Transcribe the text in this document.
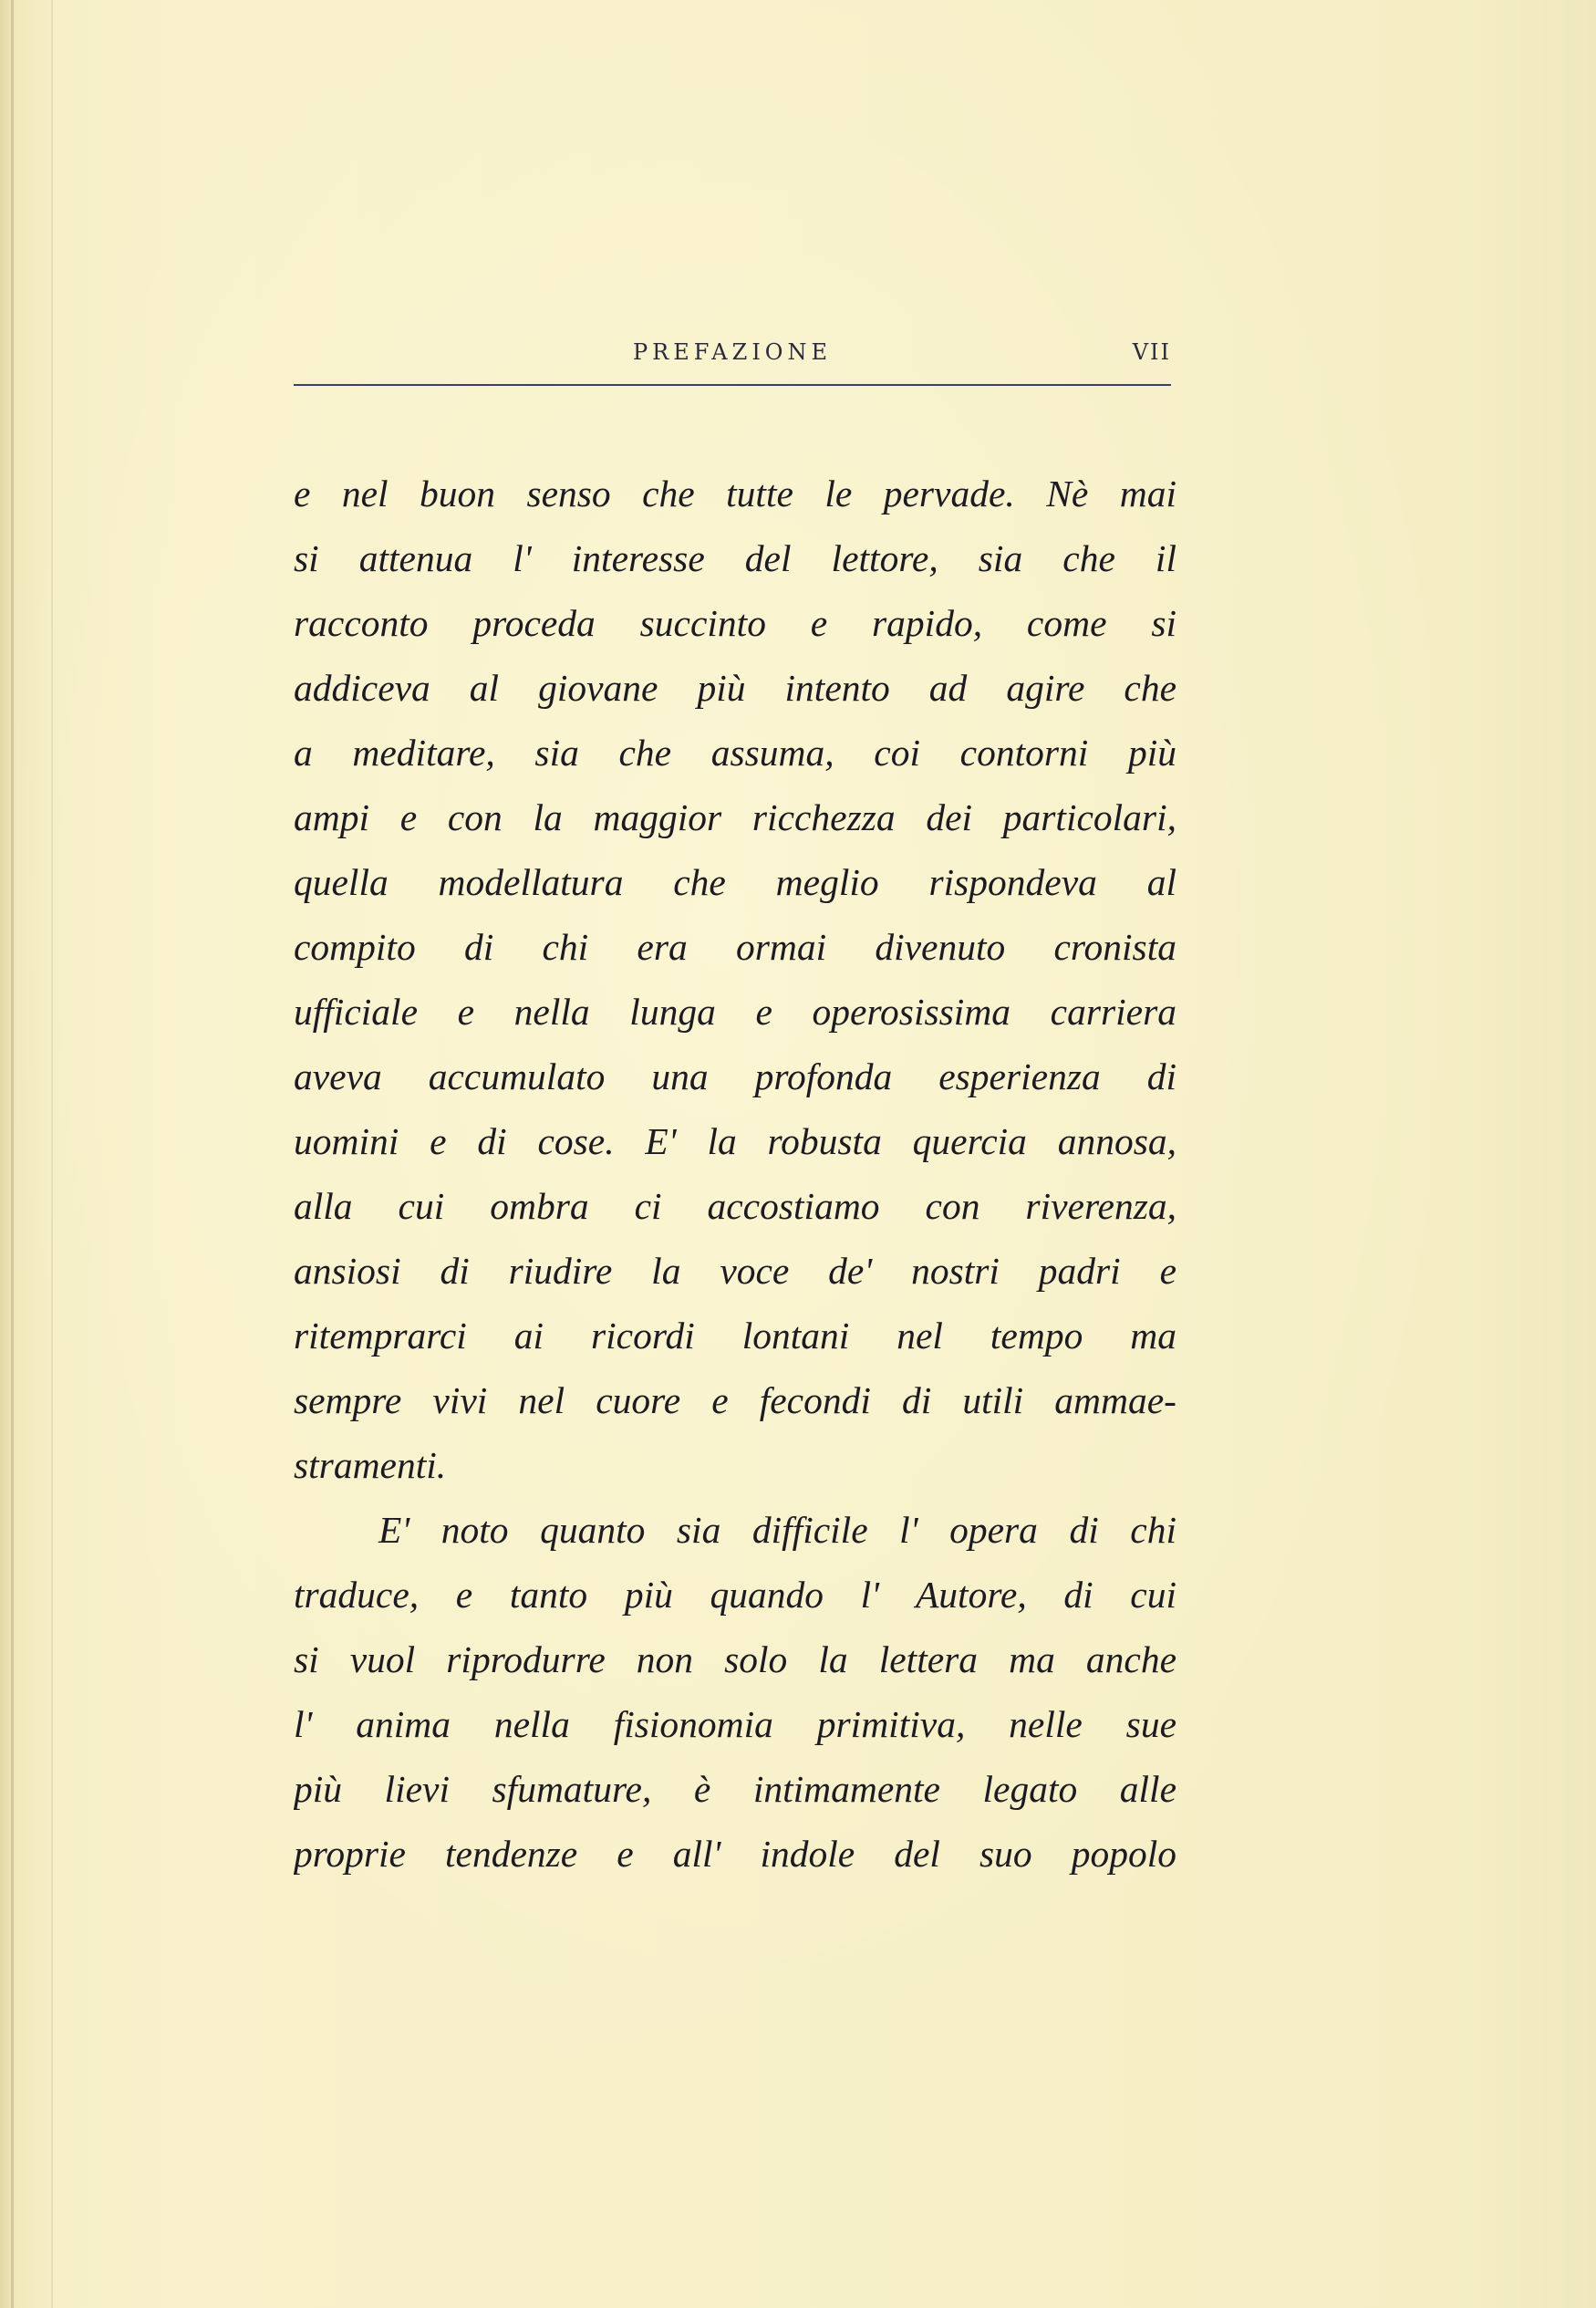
PREFAZIONE	VII
e nel buon senso che tutte le pervade. Nè mai
si attenua l' interesse del lettore, sia che il
racconto proceda succinto e rapido, come si
addiceva al giovane più intento ad agire che
a meditare, sia che assuma, coi contorni più
ampi e con la maggior ricchezza dei particolari,
quella modellatura che meglio rispondeva al
compito di chi era ormai divenuto cronista
ufficiale e nella lunga e operosissima carriera
aveva accumulato una profonda esperienza di
uomini e di cose. E' la robusta quercia annosa,
alla cui ombra ci accostiamo con riverenza,
ansiosi di riudire la voce de' nostri padri e
ritemprarci ai ricordi lontani nel tempo ma
sempre vivi nel cuore e fecondi di utili ammae-
stramenti.
E' noto quanto sia difficile l' opera di chi
traduce, e tanto più quando l' Autore, di cui
si vuol riprodurre non solo la lettera ma anche
l' anima nella fisionomia primitiva, nelle sue
più lievi sfumature, è intimamente legato alle
proprie tendenze e all' indole del suo popolo
